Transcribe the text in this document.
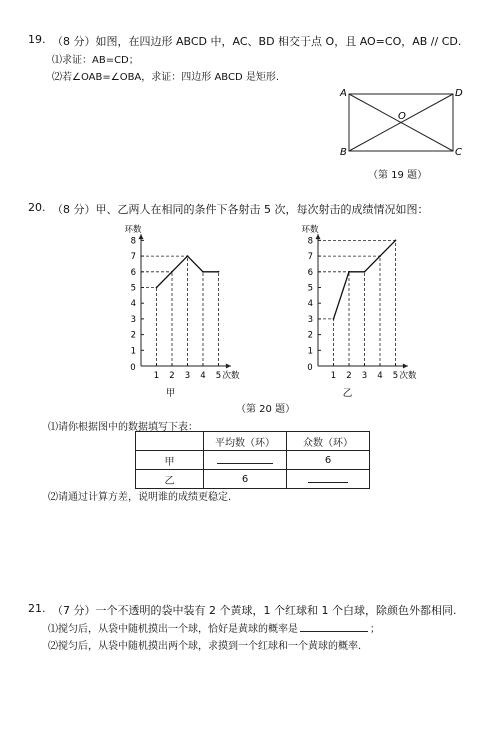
19. （8 分）如图，在四边形 ABCD 中，AC、BD 相交于点 O，且 AO=CO，AB // CD.
⑴求证：AB=CD；
⑵若∠OAB=∠OBA，求证：四边形 ABCD 是矩形.
A	D
B	C
O
（第 19 题）
20. （8 分）甲、乙两人在相同的条件下各射击 5 次，每次射击的成绩情况如图：
1
2
3
4
5
6
7
8
0
1 2 3 4 5
环数
次数
甲
1
2
3
4
5
6
7
8
0
1 2 3 4 5
环数
次数
乙
（第 20 题）
⑴请你根据图中的数据填写下表：
	平均数（环）	众数（环）
甲		6
乙	6	
⑵请通过计算方差，说明谁的成绩更稳定.
21. （7 分）一个不透明的袋中装有 2 个黄球，1 个红球和 1 个白球，除颜色外都相同.
⑴搅匀后，从袋中随机摸出一个球，恰好是黄球的概率是	；
⑵搅匀后，从袋中随机摸出两个球，求摸到一个红球和一个黄球的概率.
